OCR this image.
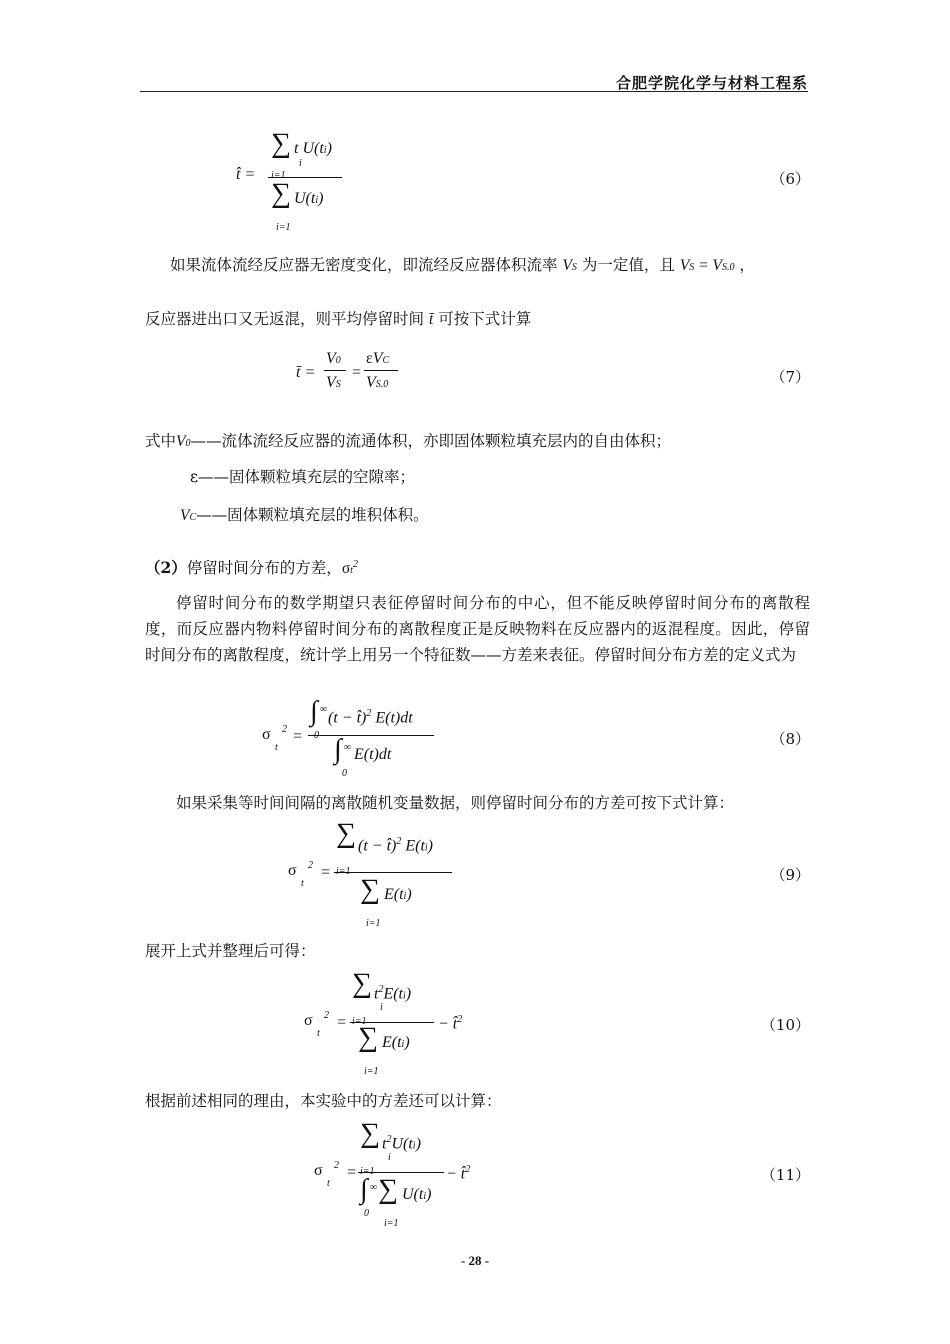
合肥学院化学与材料工程系
t̂ =
∑ t U(ti)
i
i=1
∑ U(ti)
i=1
（6）
如果流体流经反应器无密度变化，即流经反应器体积流率 VS 为一定值，且 VS = VS.0 ，
反应器进出口又无返混，则平均停留时间 t̄ 可按下式计算
t̄ =
V0
VS
=
εVC
VS.0	（7）
式中V0——流体流经反应器的流通体积，亦即固体颗粒填充层内的自由体积；
ε——固体颗粒填充层的空隙率；
VC——固体颗粒填充层的堆积体积。
（2）停留时间分布的方差，$\sigma t^2$
停留时间分布的数学期望只表征停留时间分布的中心，但不能反映停留时间分布的离散程度，而反应器内物料停留时间分布的离散程度正是反映物料在反应器内的返混程度。因此，停留时间分布的离散程度，统计学上用另一个特征数——方差来表征。停留时间分布方差的定义式为
σ
t
2 =
∫ ∞
0
(t − t̂)$^2$ E(t)dt
∫ ∞
0
E(t)dt
（8）
如果采集等时间间隔的离散随机变量数据，则停留时间分布的方差可按下式计算：
σ
t
2 =
∑ (t − t̂)$^2$ E(ti)
i=1
∑ E(ti)
i=1
（9）
展开上式并整理后可得：
σ
t
2 =
∑ $t^2E(ti)$
i
i=1
∑ E(ti)
i=1
− t̂$^2$	（10）
根据前述相同的理由，本实验中的方差还可以计算：
σ
t
2 =
∑ $t^2U(ti)$
i
i=1
∫ ∞
0
∑ U(ti)
i=1
− t̂$^2$	（11）
- 28 -
